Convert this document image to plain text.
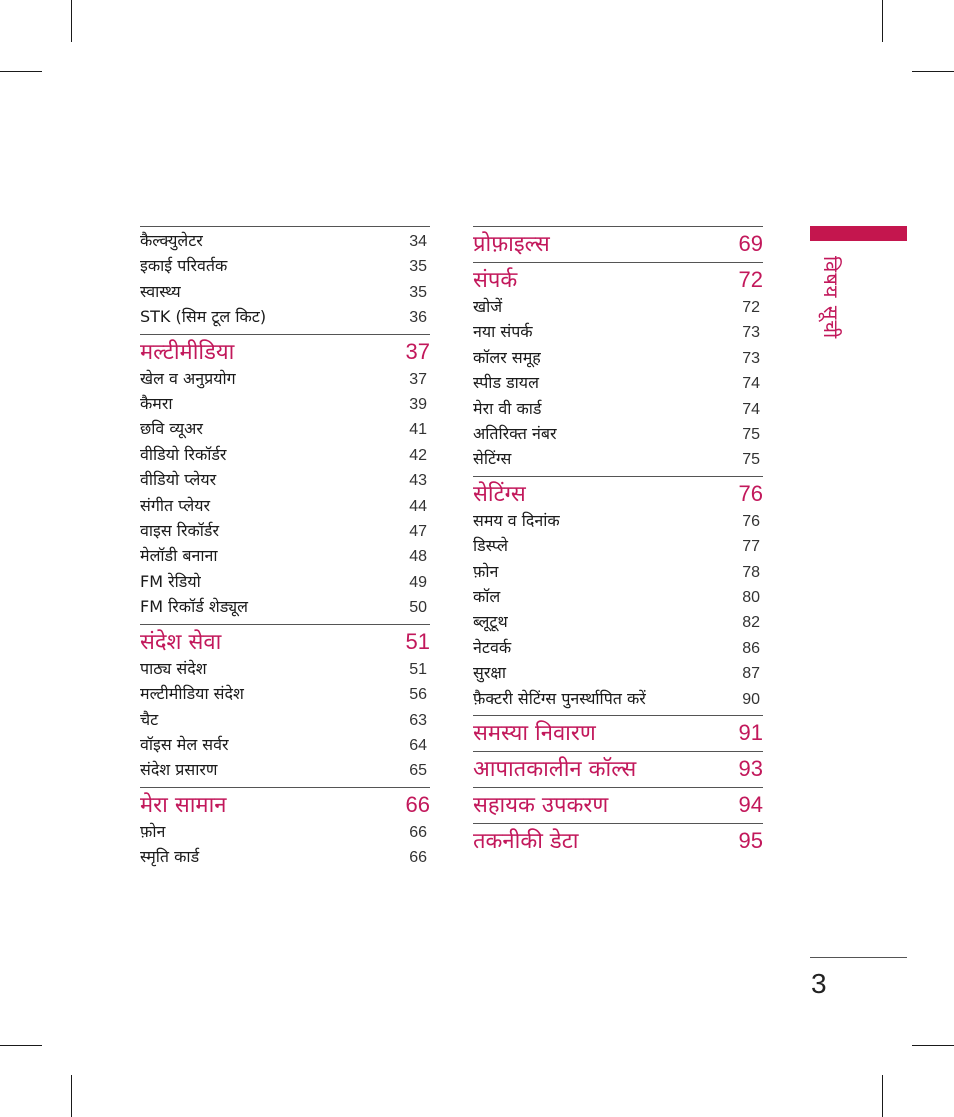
कैल्क्युलेटर	34
इकाई परिवर्तक	35
स्वास्थ्य	35
STK (सिम टूल किट)	36
मल्टीमीडिया	37
खेल व अनुप्रयोग	37
कैमरा	39
छवि व्यूअर	41
वीडियो रिकॉर्डर	42
वीडियो प्लेयर	43
संगीत प्लेयर	44
वाइस रिकॉर्डर	47
मेलॉडी बनाना	48
FM रेडियो	49
FM रिकॉर्ड शेड्यूल	50
संदेश सेवा	51
पाठ्य संदेश	51
मल्टीमीडिया संदेश	56
चैट	63
वॉइस मेल सर्वर	64
संदेश प्रसारण	65
मेरा सामान	66
फ़ोन	66
स्मृति कार्ड	66
प्रोफ़ाइल्स	69
संपर्क	72
खोजें	72
नया संपर्क	73
कॉलर समूह	73
स्पीड डायल	74
मेरा वी कार्ड	74
अतिरिक्त नंबर	75
सेटिंग्स	75
सेटिंग्स	76
समय व दिनांक	76
डिस्प्ले	77
फ़ोन	78
कॉल	80
ब्लूटूथ	82
नेटवर्क	86
सुरक्षा	87
फ़ैक्टरी सेटिंग्स पुनर्स्थापित करें	90
समस्या निवारण	91
आपातकालीन कॉल्स	93
सहायक उपकरण	94
तकनीकी डेटा	95
विषय सूची
3
